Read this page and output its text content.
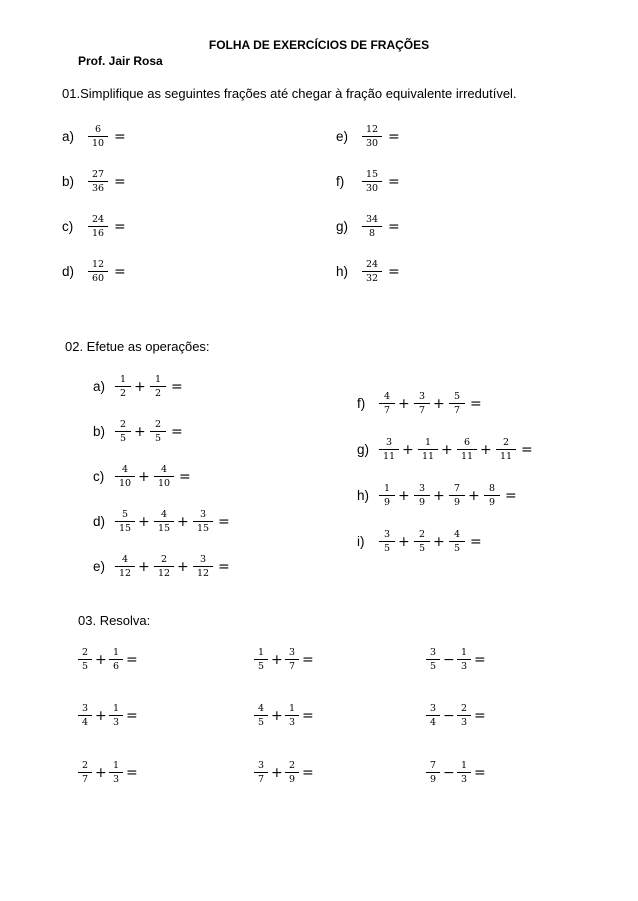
FOLHA DE EXERCÍCIOS DE FRAÇÕES
Prof. Jair Rosa
01.Simplifique as seguintes frações até chegar à fração equivalente irredutível.
02. Efetue as operações:
03. Resolva:
$a) \frac{6}{10}$ =
$b) \frac{27}{36}$ =
$c) \frac{24}{16}$ =
$d) \frac{12}{60}$ =
$e) \frac{12}{30}$ =
$f) \frac{15}{30}$ =
$g) \frac{34}{8}$ =
$h) \frac{24}{32}$ =
$a) \frac{1}{2} + \frac{1}{2}$ =
$b) \frac{2}{5} + \frac{2}{5}$ =
$c) \frac{4}{10} + \frac{4}{10}$ =
$d) \frac{5}{15} + \frac{4}{15} + \frac{3}{15}$ =
$e) \frac{4}{12} + \frac{2}{12} + \frac{3}{12}$ =
$f) \frac{4}{7} + \frac{3}{7} + \frac{5}{7}$ =
$g) \frac{3}{11} + \frac{1}{11} + \frac{6}{11} + \frac{2}{11}$ =
$h) \frac{1}{9} + \frac{3}{9} + \frac{7}{9} + \frac{8}{9}$ =
$i) \frac{3}{5} + \frac{2}{5} + \frac{4}{5}$ =
$\frac{2}{5} + \frac{1}{6}$ =	$\frac{1}{5} + \frac{3}{7}$ =	$\frac{3}{5} - \frac{1}{3}$ =
$\frac{3}{4} + \frac{1}{3}$ =	$\frac{4}{5} + \frac{1}{3}$ =	$\frac{3}{4} - \frac{2}{3}$ =
$\frac{2}{7} + \frac{1}{3}$ =	$\frac{3}{7} + \frac{2}{9}$ =	$\frac{7}{9} - \frac{1}{3}$ =
